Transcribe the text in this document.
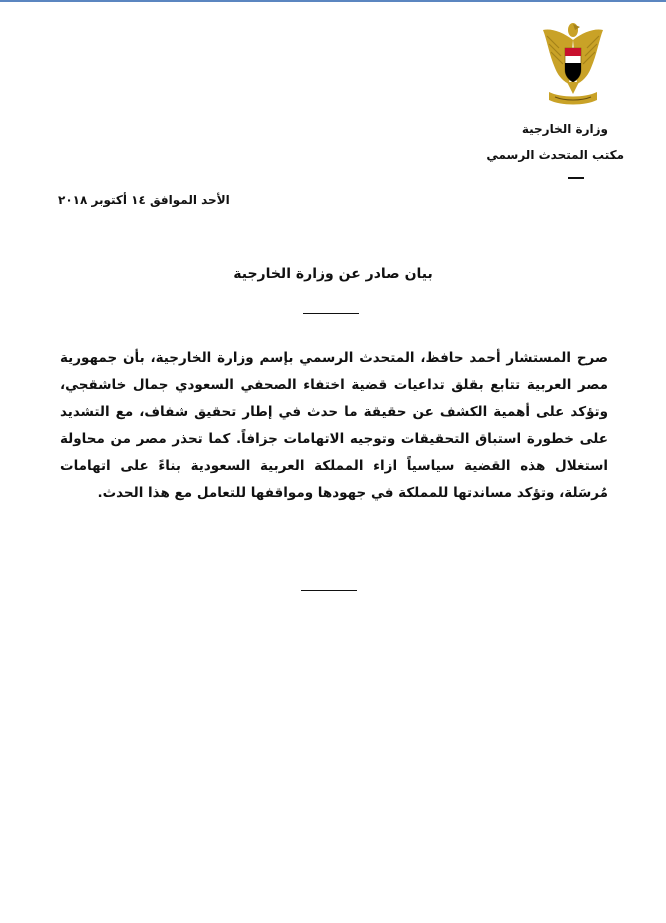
وزارة الخارجية
مكتب المتحدث الرسمي
الأحد الموافق ١٤ أكتوبر ٢٠١٨
بيان صادر عن وزارة الخارجية
صرح المستشار أحمد حافظ، المتحدث الرسمي بإسم وزارة الخارجية، بأن جمهورية مصر العربية تتابع بقلق تداعيات قضية اختفاء الصحفي السعودي جمال خاشقجي، وتؤكد على أهمية الكشف عن حقيقة ما حدث في إطار تحقيق شفاف، مع التشديد على خطورة استباق التحقيقات وتوجيه الاتهامات جزافاً. كما تحذر مصر من محاولة استغلال هذه القضية سياسياً ازاء المملكة العربية السعودية بناءً على اتهامات مُرسَلة، وتؤكد مساندتها للمملكة في جهودها ومواقفها للتعامل مع هذا الحدث.
